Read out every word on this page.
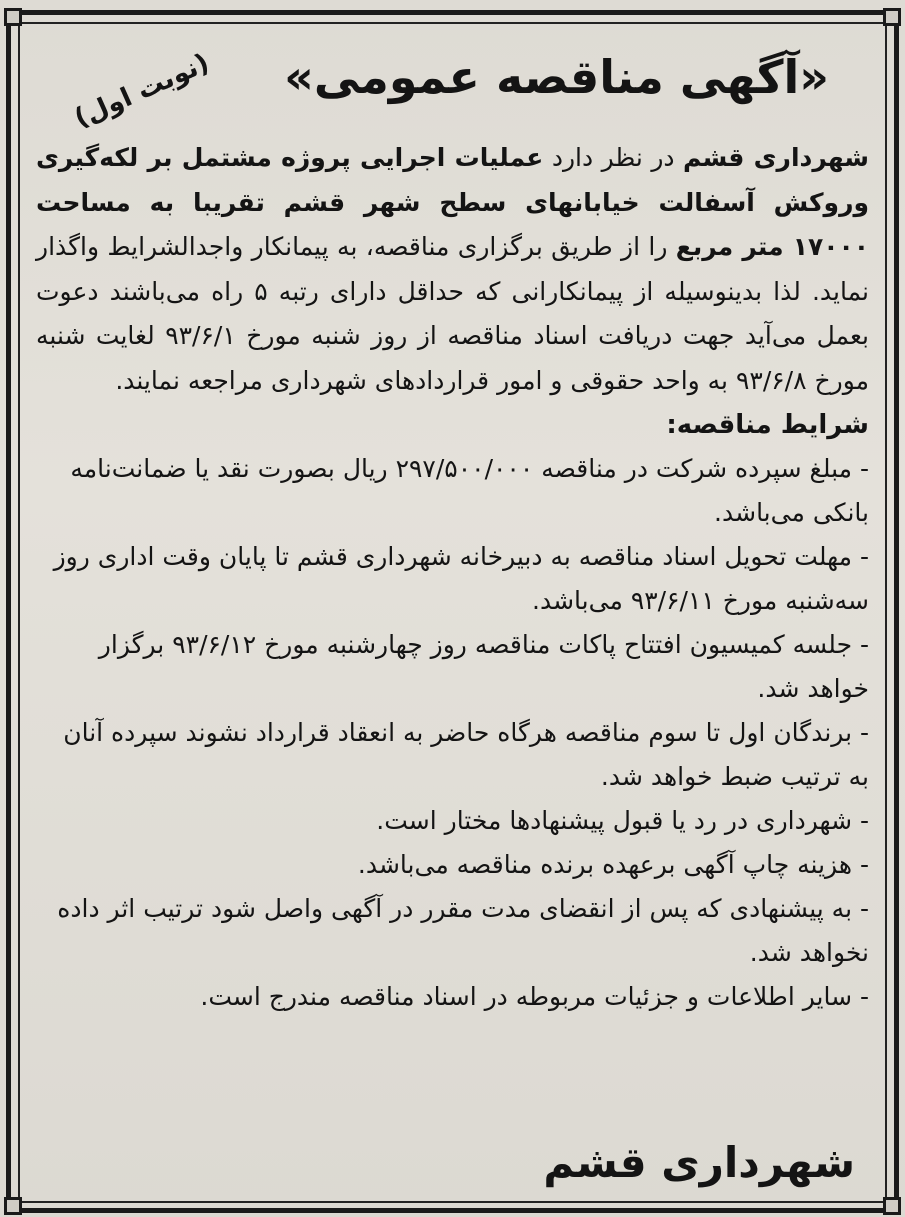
«آگهی مناقصه عمومی»
(نوبت اول)

شهرداری قشم در نظر دارد عملیات اجرایی پروژه مشتمل بر لکه‌گیری وروکش آسفالت خیابانهای سطح شهر قشم تقریبا به مساحت ۱۷۰۰۰ متر مربع را از طریق برگزاری مناقصه، به پیمانکار واجدالشرایط واگذار نماید. لذا بدینوسیله از پیمانکارانی که حداقل دارای رتبه ۵ راه می‌باشند دعوت بعمل می‌آید جهت دریافت اسناد مناقصه از روز شنبه مورخ ۹۳/۶/۱ لغایت شنبه مورخ ۹۳/۶/۸ به واحد حقوقی و امور قراردادهای شهرداری مراجعه نمایند.

شرایط مناقصه:

- مبلغ سپرده شرکت در مناقصه ۲۹۷/۵۰۰/۰۰۰ ریال بصورت نقد یا ضمانت‌نامه بانکی می‌باشد.

- مهلت تحویل اسناد مناقصه به دبیرخانه شهرداری قشم تا پایان وقت اداری روز سه‌شنبه مورخ ۹۳/۶/۱۱ می‌باشد.

- جلسه کمیسیون افتتاح پاکات مناقصه روز چهارشنبه مورخ ۹۳/۶/۱۲ برگزار خواهد شد.

- برندگان اول تا سوم مناقصه هرگاه حاضر به انعقاد قرارداد نشوند سپرده آنان به ترتیب ضبط خواهد شد.

- شهرداری در رد یا قبول پیشنهادها مختار است.

- هزینه چاپ آگهی برعهده برنده مناقصه می‌باشد.

- به پیشنهادی که پس از انقضای مدت مقرر در آگهی واصل شود ترتیب اثر داده نخواهد شد.

- سایر اطلاعات و جزئیات مربوطه در اسناد مناقصه مندرج است.

شهرداری قشم
